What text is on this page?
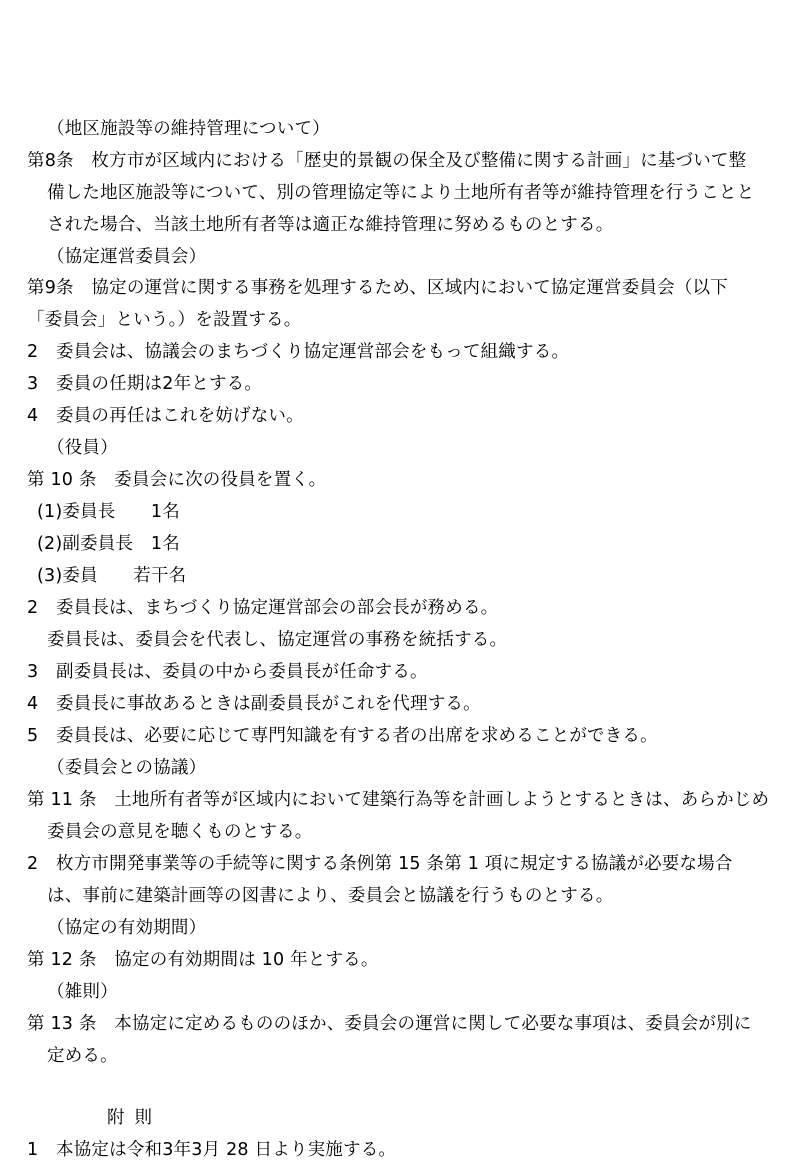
（地区施設等の維持管理について）
第8条　枚方市が区域内における「歴史的景観の保全及び整備に関する計画」に基づいて整
備した地区施設等について、別の管理協定等により土地所有者等が維持管理を行うことと
された場合、当該土地所有者等は適正な維持管理に努めるものとする。
（協定運営委員会）
第9条　協定の運営に関する事務を処理するため、区域内において協定運営委員会（以下
「委員会」という。）を設置する。
2　委員会は、協議会のまちづくり協定運営部会をもって組織する。
3　委員の任期は2年とする。
4　委員の再任はこれを妨げない。
（役員）
第 10 条　委員会に次の役員を置く。
(1)委員長　　1名
(2)副委員長　1名
(3)委員　　若干名
2　委員長は、まちづくり協定運営部会の部会長が務める。
委員長は、委員会を代表し、協定運営の事務を統括する。
3　副委員長は、委員の中から委員長が任命する。
4　委員長に事故あるときは副委員長がこれを代理する。
5　委員長は、必要に応じて専門知識を有する者の出席を求めることができる。
（委員会との協議）
第 11 条　土地所有者等が区域内において建築行為等を計画しようとするときは、あらかじめ
委員会の意見を聴くものとする。
2　枚方市開発事業等の手続等に関する条例第 15 条第 1 項に規定する協議が必要な場合
は、事前に建築計画等の図書により、委員会と協議を行うものとする。
（協定の有効期間）
第 12 条　協定の有効期間は 10 年とする。
（雑則）
第 13 条　本協定に定めるもののほか、委員会の運営に関して必要な事項は、委員会が別に
定める。
附則
1　本協定は令和3年3月 28 日より実施する。
